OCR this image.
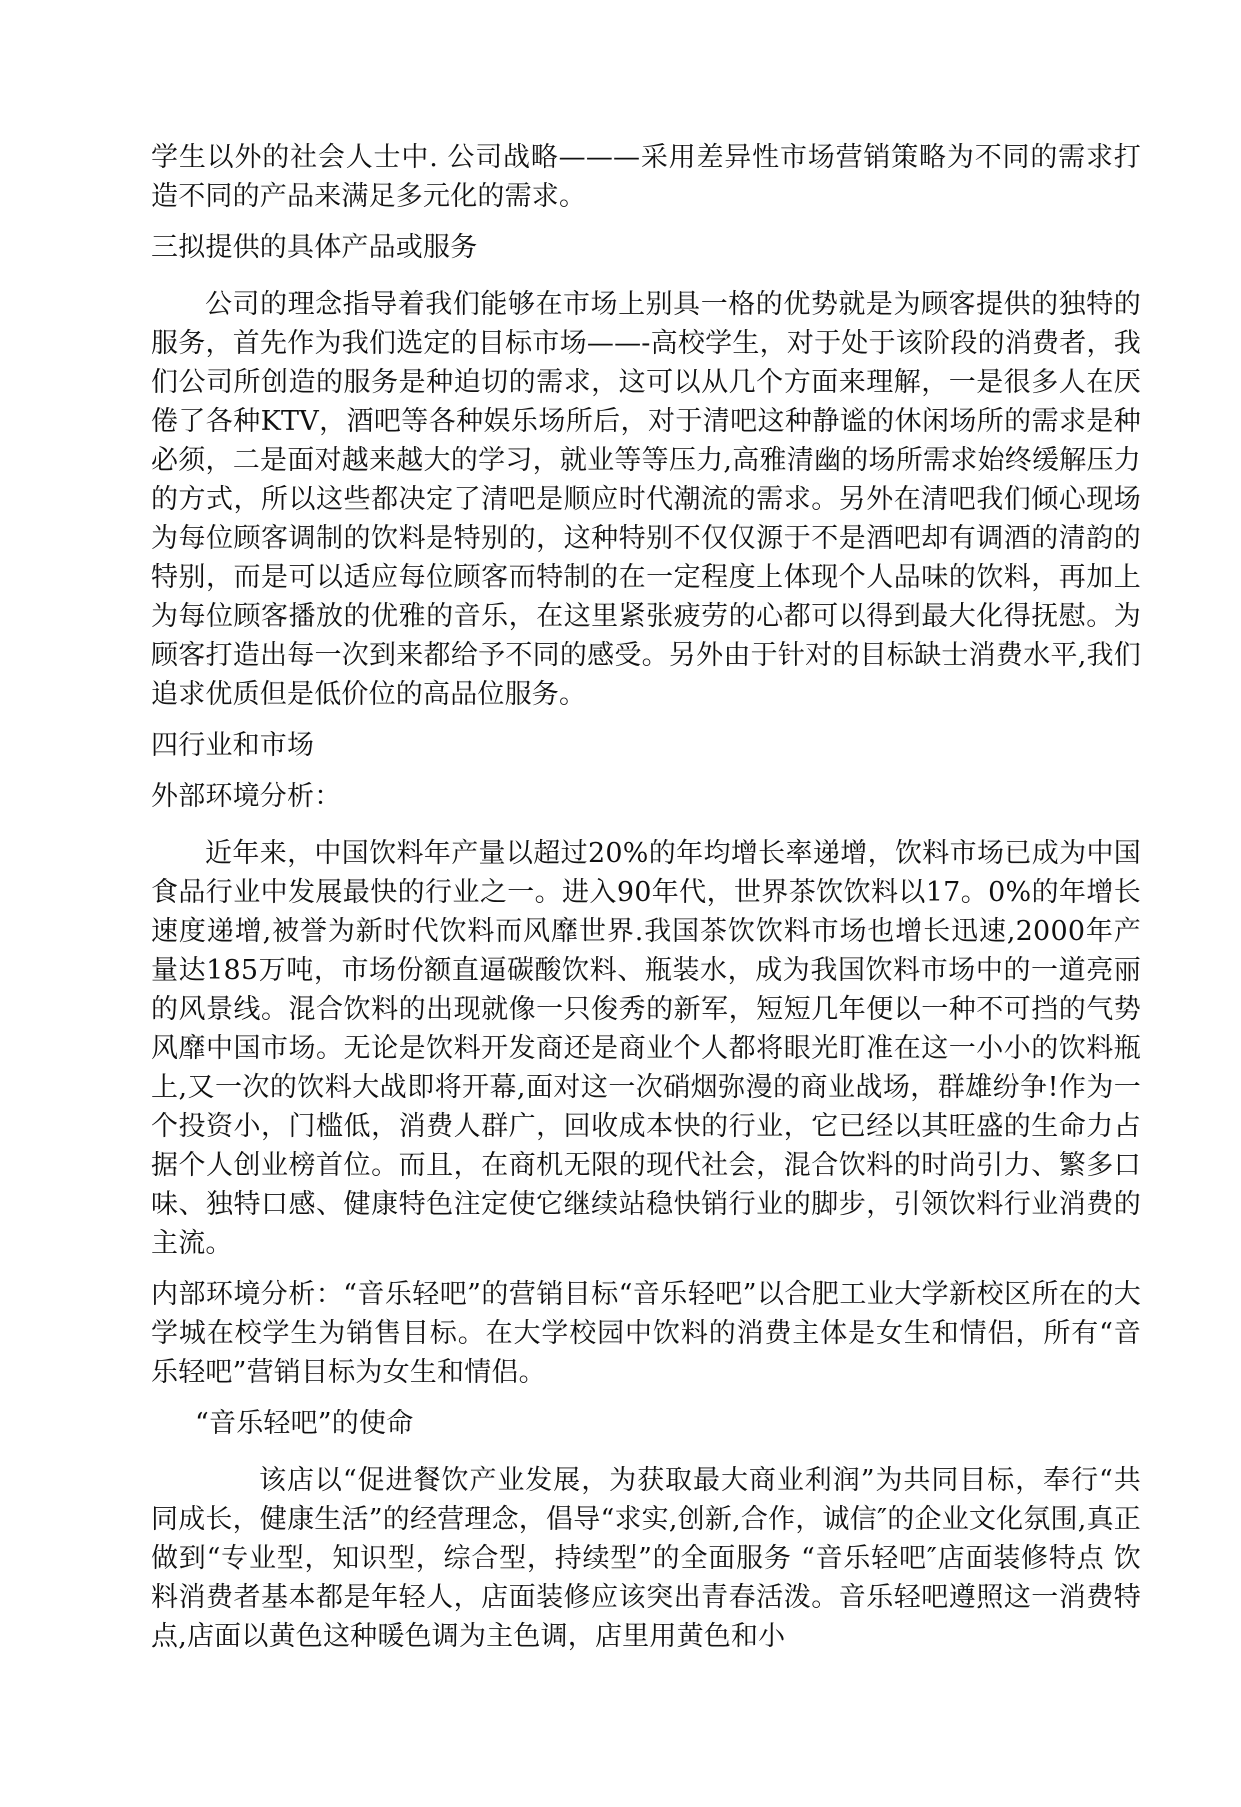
学生以外的社会人士中. 公司战略———采用差异性市场营销策略为不同的需求打造不同的产品来满足多元化的需求。

三拟提供的具体产品或服务

公司的理念指导着我们能够在市场上别具一格的优势就是为顾客提供的独特的服务，首先作为我们选定的目标市场——-高校学生，对于处于该阶段的消费者，我们公司所创造的服务是种迫切的需求，这可以从几个方面来理解，一是很多人在厌倦了各种KTV，酒吧等各种娱乐场所后，对于清吧这种静谧的休闲场所的需求是种必须，二是面对越来越大的学习，就业等等压力,高雅清幽的场所需求始终缓解压力的方式，所以这些都决定了清吧是顺应时代潮流的需求。另外在清吧我们倾心现场为每位顾客调制的饮料是特别的，这种特别不仅仅源于不是酒吧却有调酒的清韵的特别，而是可以适应每位顾客而特制的在一定程度上体现个人品味的饮料，再加上为每位顾客播放的优雅的音乐，在这里紧张疲劳的心都可以得到最大化得抚慰。为顾客打造出每一次到来都给予不同的感受。另外由于针对的目标缺士消费水平,我们追求优质但是低价位的高品位服务。

四行业和市场

外部环境分析：

近年来，中国饮料年产量以超过20%的年均增长率递增，饮料市场已成为中国食品行业中发展最快的行业之一。进入90年代，世界茶饮饮料以17。0%的年增长速度递增,被誉为新时代饮料而风靡世界.我国茶饮饮料市场也增长迅速,2000年产量达185万吨，市场份额直逼碳酸饮料、瓶装水，成为我国饮料市场中的一道亮丽的风景线。混合饮料的出现就像一只俊秀的新军，短短几年便以一种不可挡的气势风靡中国市场。无论是饮料开发商还是商业个人都将眼光盯准在这一小小的饮料瓶上,又一次的饮料大战即将开幕,面对这一次硝烟弥漫的商业战场，群雄纷争!作为一个投资小，门槛低，消费人群广，回收成本快的行业，它已经以其旺盛的生命力占据个人创业榜首位。而且，在商机无限的现代社会，混合饮料的时尚引力、繁多口味、独特口感、健康特色注定使它继续站稳快销行业的脚步，引领饮料行业消费的主流。

内部环境分析：“音乐轻吧”的营销目标“音乐轻吧”以合肥工业大学新校区所在的大学城在校学生为销售目标。在大学校园中饮料的消费主体是女生和情侣，所有“音乐轻吧”营销目标为女生和情侣。

“音乐轻吧”的使命

该店以“促进餐饮产业发展，为获取最大商业利润”为共同目标，奉行“共同成长，健康生活”的经营理念，倡导“求实,创新,合作，诚信″的企业文化氛围,真正做到“专业型，知识型，综合型，持续型”的全面服务 “音乐轻吧″店面装修特点 饮料消费者基本都是年轻人，店面装修应该突出青春活泼。音乐轻吧遵照这一消费特点,店面以黄色这种暖色调为主色调，店里用黄色和小
